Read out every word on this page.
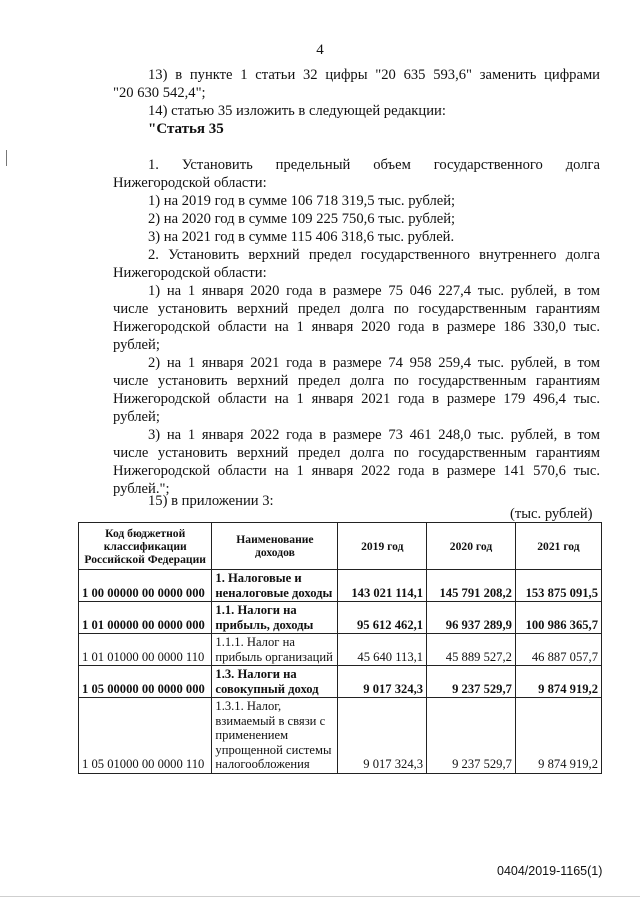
4
13) в пункте 1 статьи 32 цифры "20 635 593,6" заменить цифрами
"20 630 542,4";
14) статью 35 изложить в следующей редакции:
"Статья 35
1. Установить предельный объем государственного долга
Нижегородской области:
1) на 2019 год в сумме 106 718 319,5 тыс. рублей;
2) на 2020 год в сумме 109 225 750,6 тыс. рублей;
3) на 2021 год в сумме 115 406 318,6 тыс. рублей.
2. Установить верхний предел государственного внутреннего долга
Нижегородской области:
1) на 1 января 2020 года в размере 75 046 227,4 тыс. рублей, в том
числе установить верхний предел долга по государственным гарантиям
Нижегородской области на 1 января 2020 года в размере 186 330,0 тыс.
рублей;
2) на 1 января 2021 года в размере 74 958 259,4 тыс. рублей, в том
числе установить верхний предел долга по государственным гарантиям
Нижегородской области на 1 января 2021 года в размере 179 496,4 тыс.
рублей;
3) на 1 января 2022 года в размере 73 461 248,0 тыс. рублей, в том
числе установить верхний предел долга по государственным гарантиям
Нижегородской области на 1 января 2022 года в размере 141 570,6 тыс.
рублей.";
15) в приложении 3:
(тыс. рублей)
Код бюджетной классификации Российской Федерации	Наименование доходов	2019 год	2020 год	2021 год
1 00 00000 00 0000 000	1. Налоговые и неналоговые доходы	143 021 114,1	145 791 208,2	153 875 091,5
1 01 00000 00 0000 000	1.1. Налоги на прибыль, доходы	95 612 462,1	96 937 289,9	100 986 365,7
1 01 01000 00 0000 110	1.1.1. Налог на прибыль организаций	45 640 113,1	45 889 527,2	46 887 057,7
1 05 00000 00 0000 000	1.3. Налоги на совокупный доход	9 017 324,3	9 237 529,7	9 874 919,2
1 05 01000 00 0000 110	1.3.1. Налог, взимаемый в связи с применением упрощенной системы налогообложения	9 017 324,3	9 237 529,7	9 874 919,2
0404/2019-1165(1)
